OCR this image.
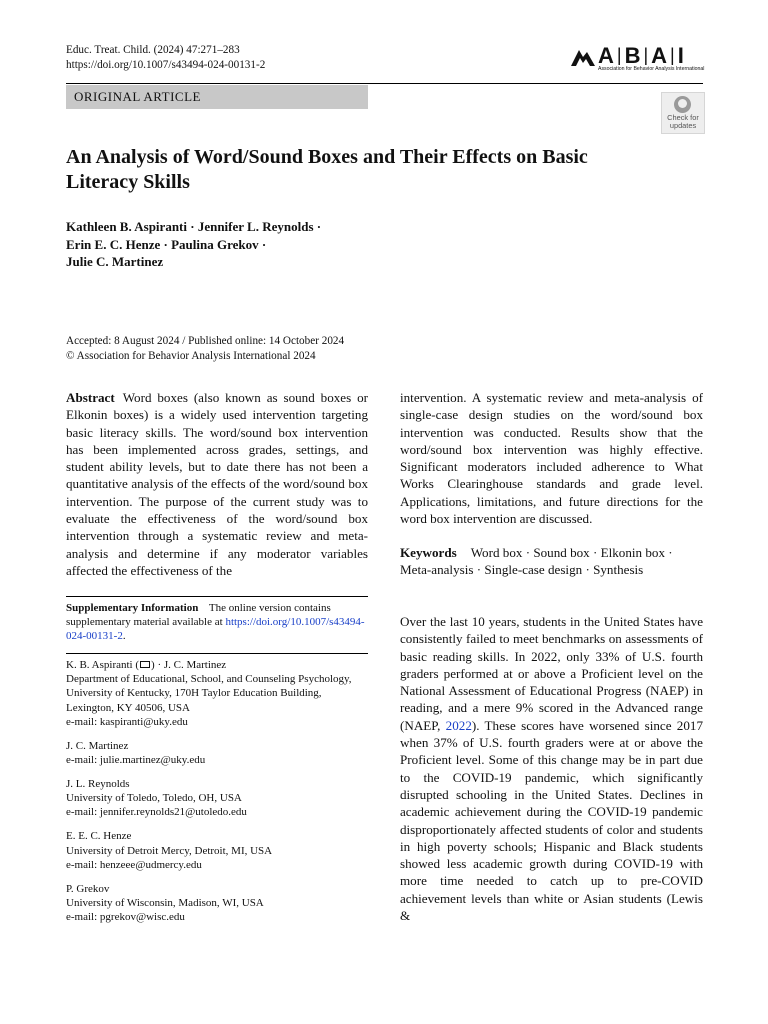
Educ. Treat. Child. (2024) 47:271–283
https://doi.org/10.1007/s43494-024-00131-2	A |B |A |I
Association for Behavior Analysis International
ORIGINAL ARTICLE
Check for
updates
An Analysis of Word/Sound Boxes and Their Effects on Basic Literacy Skills
Kathleen B. Aspiranti · Jennifer L. Reynolds ·
Erin E. C. Henze · Paulina Grekov ·
Julie C. Martinez
Accepted: 8 August 2024 / Published online: 14 October 2024
© Association for Behavior Analysis International 2024

Abstract Word boxes (also known as sound boxes or Elkonin boxes) is a widely used intervention targeting basic literacy skills. The word/sound box intervention has been implemented across grades, settings, and student ability levels, but to date there has not been a quantitative analysis of the effects of the word/sound box intervention. The purpose of the current study was to evaluate the effectiveness of the word/sound box intervention through a systematic review and meta-analysis and determine if any moderator variables affected the effectiveness of the

intervention. A systematic review and meta-analysis of single-case design studies on the word/sound box intervention was conducted. Results show that the word/sound box intervention was highly effective. Significant moderators included adherence to What Works Clearinghouse standards and grade level. Applications, limitations, and future directions for the word box intervention are discussed.

Keywords Word box · Sound box · Elkonin box · Meta-analysis · Single-case design · Synthesis

Supplementary Information The online version contains supplementary material available at https://doi.org/10.1007/s43494-024-00131-2.
K. B. Aspiranti ( ) · J. C. Martinez
Department of Educational, School, and Counseling Psychology, University of Kentucky, 170H Taylor Education Building, Lexington, KY 40506, USA
e-mail: kaspiranti@uky.edu
J. C. Martinez
e-mail: julie.martinez@uky.edu
J. L. Reynolds
University of Toledo, Toledo, OH, USA
e-mail: jennifer.reynolds21@utoledo.edu
E. E. C. Henze
University of Detroit Mercy, Detroit, MI, USA
e-mail: henzeee@udmercy.edu
P. Grekov
University of Wisconsin, Madison, WI, USA
e-mail: pgrekov@wisc.edu

Over the last 10 years, students in the United States have consistently failed to meet benchmarks on assessments of basic reading skills. In 2022, only 33% of U.S. fourth graders performed at or above a Proficient level on the National Assessment of Educational Progress (NAEP) in reading, and a mere 9% scored in the Advanced range (NAEP, 2022). These scores have worsened since 2017 when 37% of U.S. fourth graders were at or above the Proficient level. Some of this change may be in part due to the COVID-19 pandemic, which significantly disrupted schooling in the United States. Declines in academic achievement during the COVID-19 pandemic disproportionately affected students of color and students in high poverty schools; Hispanic and Black students showed less academic growth during COVID-19 with more time needed to catch up to pre-COVID achievement levels than white or Asian students (Lewis &
